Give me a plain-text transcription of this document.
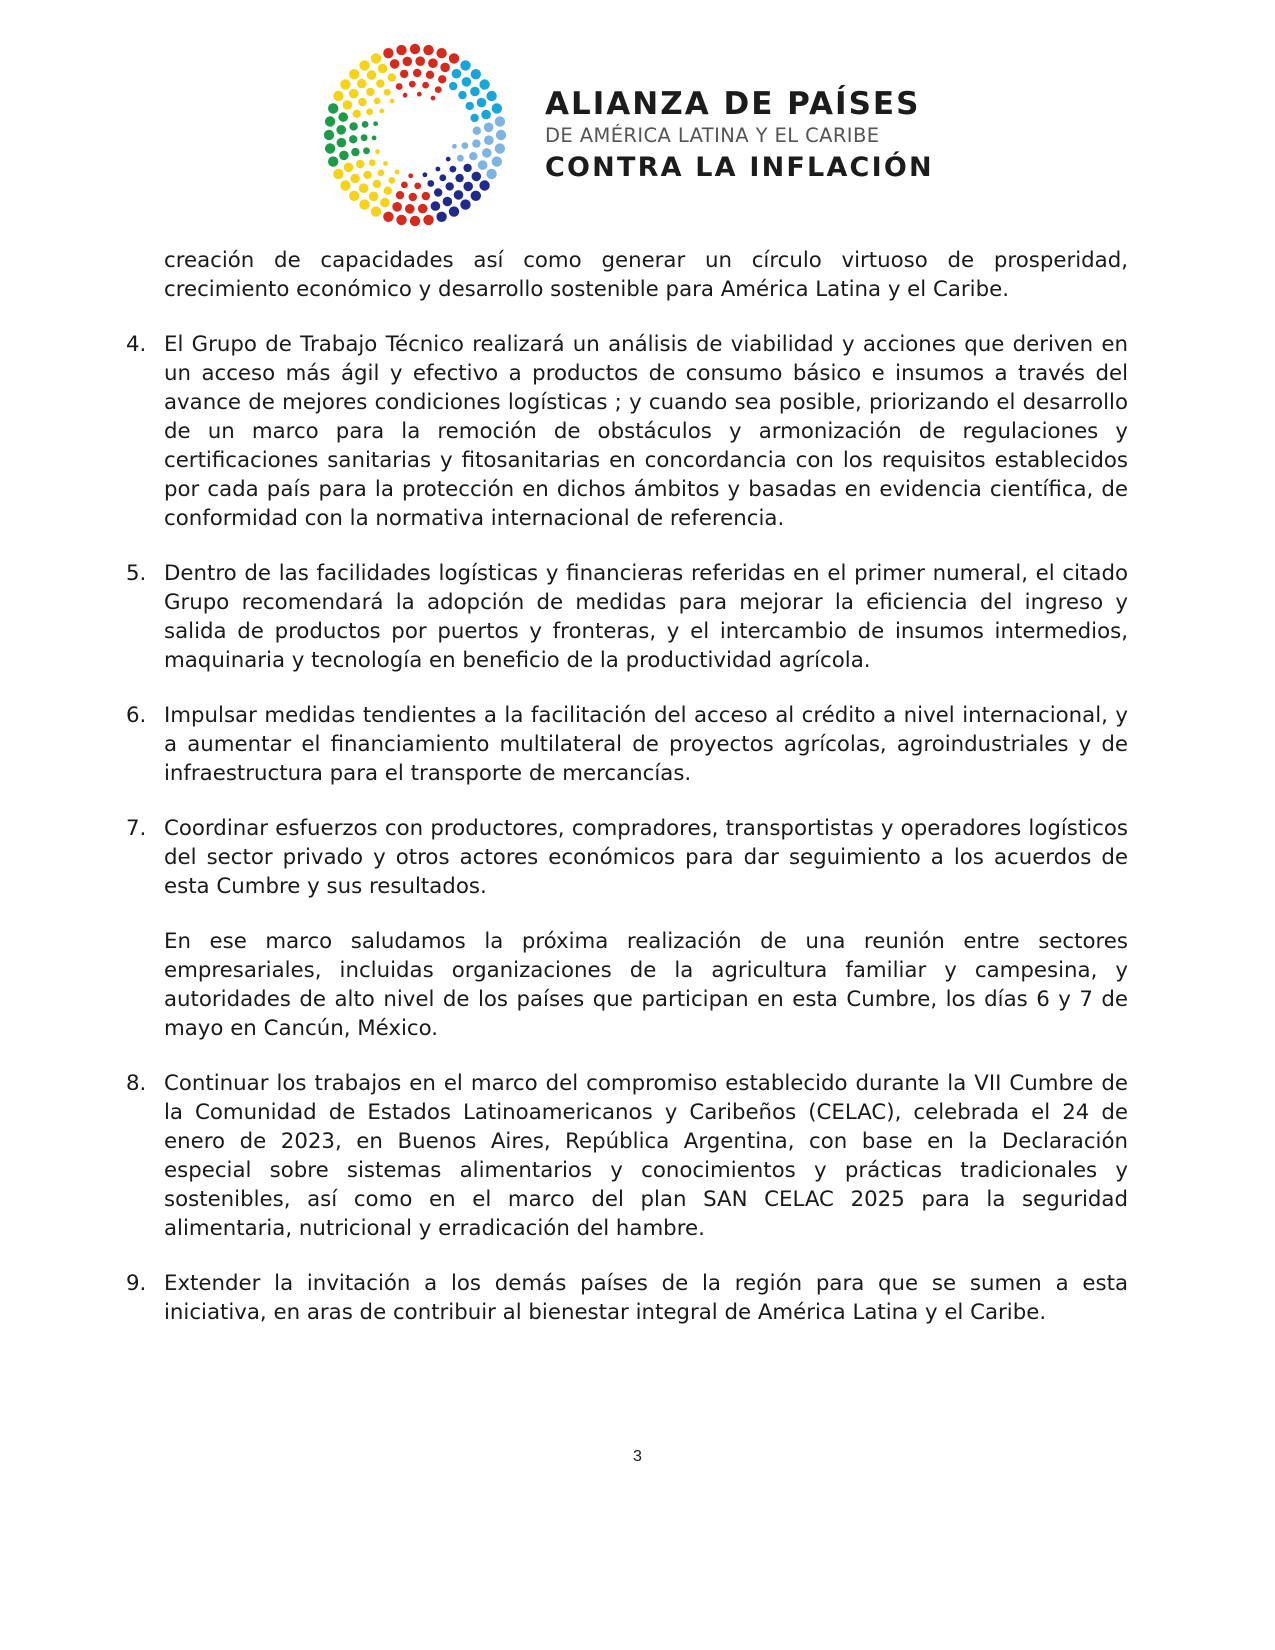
ALIANZA DE PAÍSES
DE AMÉRICA LATINA Y EL CARIBE
CONTRA LA INFLACIÓN

creación de capacidades así como generar un círculo virtuoso de prosperidad, crecimiento económico y desarrollo sostenible para América Latina y el Caribe.

4. El Grupo de Trabajo Técnico realizará un análisis de viabilidad y acciones que deriven en un acceso más ágil y efectivo a productos de consumo básico e insumos a través del avance de mejores condiciones logísticas ; y cuando sea posible, priorizando el desarrollo de un marco para la remoción de obstáculos y armonización de regulaciones y certificaciones sanitarias y fitosanitarias en concordancia con los requisitos establecidos por cada país para la protección en dichos ámbitos y basadas en evidencia científica, de conformidad con la normativa internacional de referencia.
5. Dentro de las facilidades logísticas y financieras referidas en el primer numeral, el citado Grupo recomendará la adopción de medidas para mejorar la eficiencia del ingreso y salida de productos por puertos y fronteras, y el intercambio de insumos intermedios, maquinaria y tecnología en beneficio de la productividad agrícola.
6. Impulsar medidas tendientes a la facilitación del acceso al crédito a nivel internacional, y a aumentar el financiamiento multilateral de proyectos agrícolas, agroindustriales y de infraestructura para el transporte de mercancías.
7. Coordinar esfuerzos con productores, compradores, transportistas y operadores logísticos del sector privado y otros actores económicos para dar seguimiento a los acuerdos de esta Cumbre y sus resultados.

En ese marco saludamos la próxima realización de una reunión entre sectores empresariales, incluidas organizaciones de la agricultura familiar y campesina, y autoridades de alto nivel de los países que participan en esta Cumbre, los días 6 y 7 de mayo en Cancún, México.

8. Continuar los trabajos en el marco del compromiso establecido durante la VII Cumbre de la Comunidad de Estados Latinoamericanos y Caribeños (CELAC), celebrada el 24 de enero de 2023, en Buenos Aires, República Argentina, con base en la Declaración especial sobre sistemas alimentarios y conocimientos y prácticas tradicionales y sostenibles, así como en el marco del plan SAN CELAC 2025 para la seguridad alimentaria, nutricional y erradicación del hambre.
9. Extender la invitación a los demás países de la región para que se sumen a esta iniciativa, en aras de contribuir al bienestar integral de América Latina y el Caribe.
3
